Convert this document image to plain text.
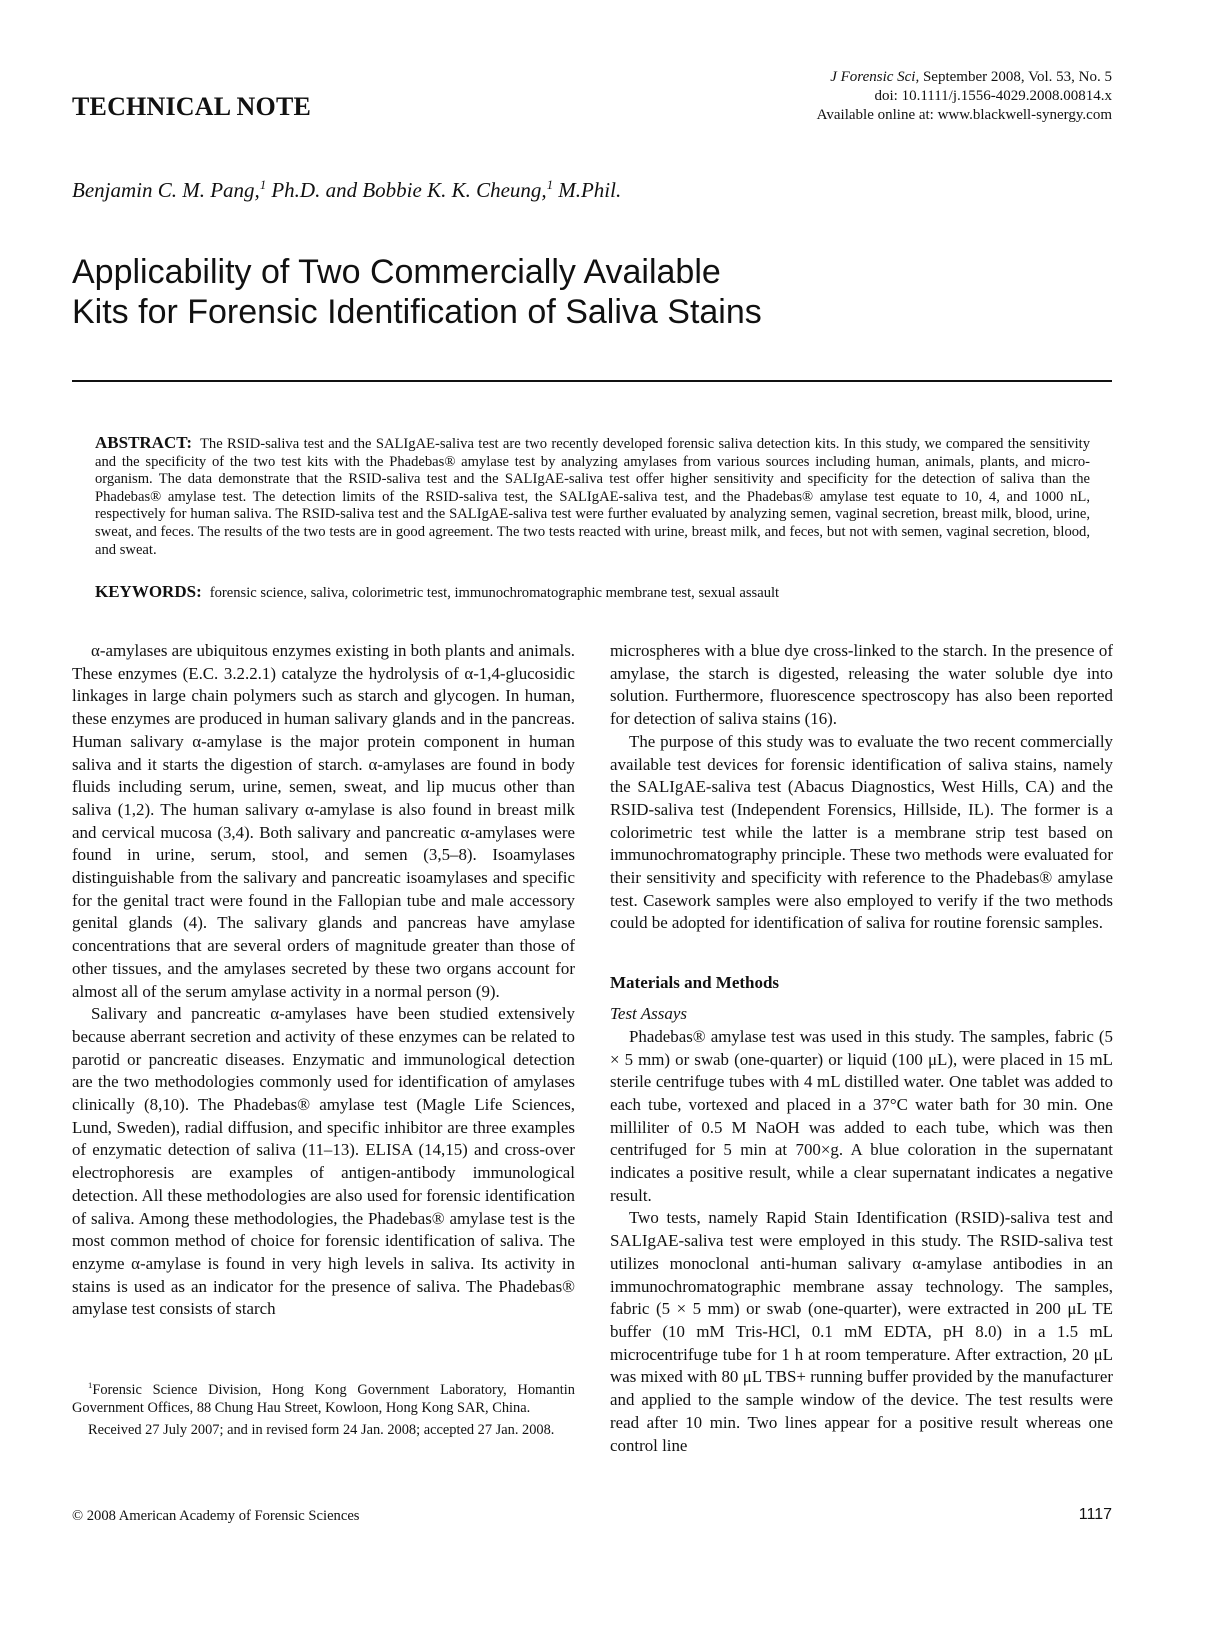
TECHNICAL NOTE
J Forensic Sci, September 2008, Vol. 53, No. 5
doi: 10.1111/j.1556-4029.2008.00814.x
Available online at: www.blackwell-synergy.com
Benjamin C. M. Pang,$^1$ Ph.D. and Bobbie K. K. Cheung,$^1$ M.Phil.
Applicability of Two Commercially Available
Kits for Forensic Identification of Saliva Stains
ABSTRACT: The RSID-saliva test and the SALIgAE-saliva test are two recently developed forensic saliva detection kits. In this study, we compared the sensitivity and the specificity of the two test kits with the Phadebas® amylase test by analyzing amylases from various sources including human, animals, plants, and micro-organism. The data demonstrate that the RSID-saliva test and the SALIgAE-saliva test offer higher sensitivity and specificity for the detection of saliva than the Phadebas® amylase test. The detection limits of the RSID-saliva test, the SALIgAE-saliva test, and the Phadebas® amylase test equate to 10, 4, and 1000 nL, respectively for human saliva. The RSID-saliva test and the SALIgAE-saliva test were further evaluated by analyzing semen, vaginal secretion, breast milk, blood, urine, sweat, and feces. The results of the two tests are in good agreement. The two tests reacted with urine, breast milk, and feces, but not with semen, vaginal secretion, blood, and sweat.
KEYWORDS: forensic science, saliva, colorimetric test, immunochromatographic membrane test, sexual assault

α-amylases are ubiquitous enzymes existing in both plants and animals. These enzymes (E.C. 3.2.2.1) catalyze the hydrolysis of α-1,4-glucosidic linkages in large chain polymers such as starch and glycogen. In human, these enzymes are produced in human salivary glands and in the pancreas. Human salivary α-amylase is the major protein component in human saliva and it starts the digestion of starch. α-amylases are found in body fluids including serum, urine, semen, sweat, and lip mucus other than saliva (1,2). The human salivary α-amylase is also found in breast milk and cervical mucosa (3,4). Both salivary and pancreatic α-amylases were found in urine, serum, stool, and semen (3,5–8). Isoamylases distinguishable from the salivary and pancreatic isoamylases and specific for the genital tract were found in the Fallopian tube and male accessory genital glands (4). The salivary glands and pancreas have amylase concentrations that are several orders of magnitude greater than those of other tissues, and the amylases secreted by these two organs account for almost all of the serum amylase activity in a normal person (9).

Salivary and pancreatic α-amylases have been studied extensively because aberrant secretion and activity of these enzymes can be related to parotid or pancreatic diseases. Enzymatic and immunological detection are the two methodologies commonly used for identification of amylases clinically (8,10). The Phadebas® amylase test (Magle Life Sciences, Lund, Sweden), radial diffusion, and specific inhibitor are three examples of enzymatic detection of saliva (11–13). ELISA (14,15) and cross-over electrophoresis are examples of antigen-antibody immunological detection. All these methodologies are also used for forensic identification of saliva. Among these methodologies, the Phadebas® amylase test is the most common method of choice for forensic identification of saliva. The enzyme α-amylase is found in very high levels in saliva. Its activity in stains is used as an indicator for the presence of saliva. The Phadebas® amylase test consists of starch

$^1$Forensic Science Division, Hong Kong Government Laboratory, Homantin Government Offices, 88 Chung Hau Street, Kowloon, Hong Kong SAR, China.

Received 27 July 2007; and in revised form 24 Jan. 2008; accepted 27 Jan. 2008.

microspheres with a blue dye cross-linked to the starch. In the presence of amylase, the starch is digested, releasing the water soluble dye into solution. Furthermore, fluorescence spectroscopy has also been reported for detection of saliva stains (16).

The purpose of this study was to evaluate the two recent commercially available test devices for forensic identification of saliva stains, namely the SALIgAE-saliva test (Abacus Diagnostics, West Hills, CA) and the RSID-saliva test (Independent Forensics, Hillside, IL). The former is a colorimetric test while the latter is a membrane strip test based on immunochromatography principle. These two methods were evaluated for their sensitivity and specificity with reference to the Phadebas® amylase test. Casework samples were also employed to verify if the two methods could be adopted for identification of saliva for routine forensic samples.

Materials and Methods
Test Assays

Phadebas® amylase test was used in this study. The samples, fabric (5 × 5 mm) or swab (one-quarter) or liquid (100 μL), were placed in 15 mL sterile centrifuge tubes with 4 mL distilled water. One tablet was added to each tube, vortexed and placed in a 37°C water bath for 30 min. One milliliter of 0.5 M NaOH was added to each tube, which was then centrifuged for 5 min at 700×g. A blue coloration in the supernatant indicates a positive result, while a clear supernatant indicates a negative result.

Two tests, namely Rapid Stain Identification (RSID)-saliva test and SALIgAE-saliva test were employed in this study. The RSID-saliva test utilizes monoclonal anti-human salivary α-amylase antibodies in an immunochromatographic membrane assay technology. The samples, fabric (5 × 5 mm) or swab (one-quarter), were extracted in 200 μL TE buffer (10 mM Tris-HCl, 0.1 mM EDTA, pH 8.0) in a 1.5 mL microcentrifuge tube for 1 h at room temperature. After extraction, 20 μL was mixed with 80 μL TBS+ running buffer provided by the manufacturer and applied to the sample window of the device. The test results were read after 10 min. Two lines appear for a positive result whereas one control line

© 2008 American Academy of Forensic Sciences	1117
